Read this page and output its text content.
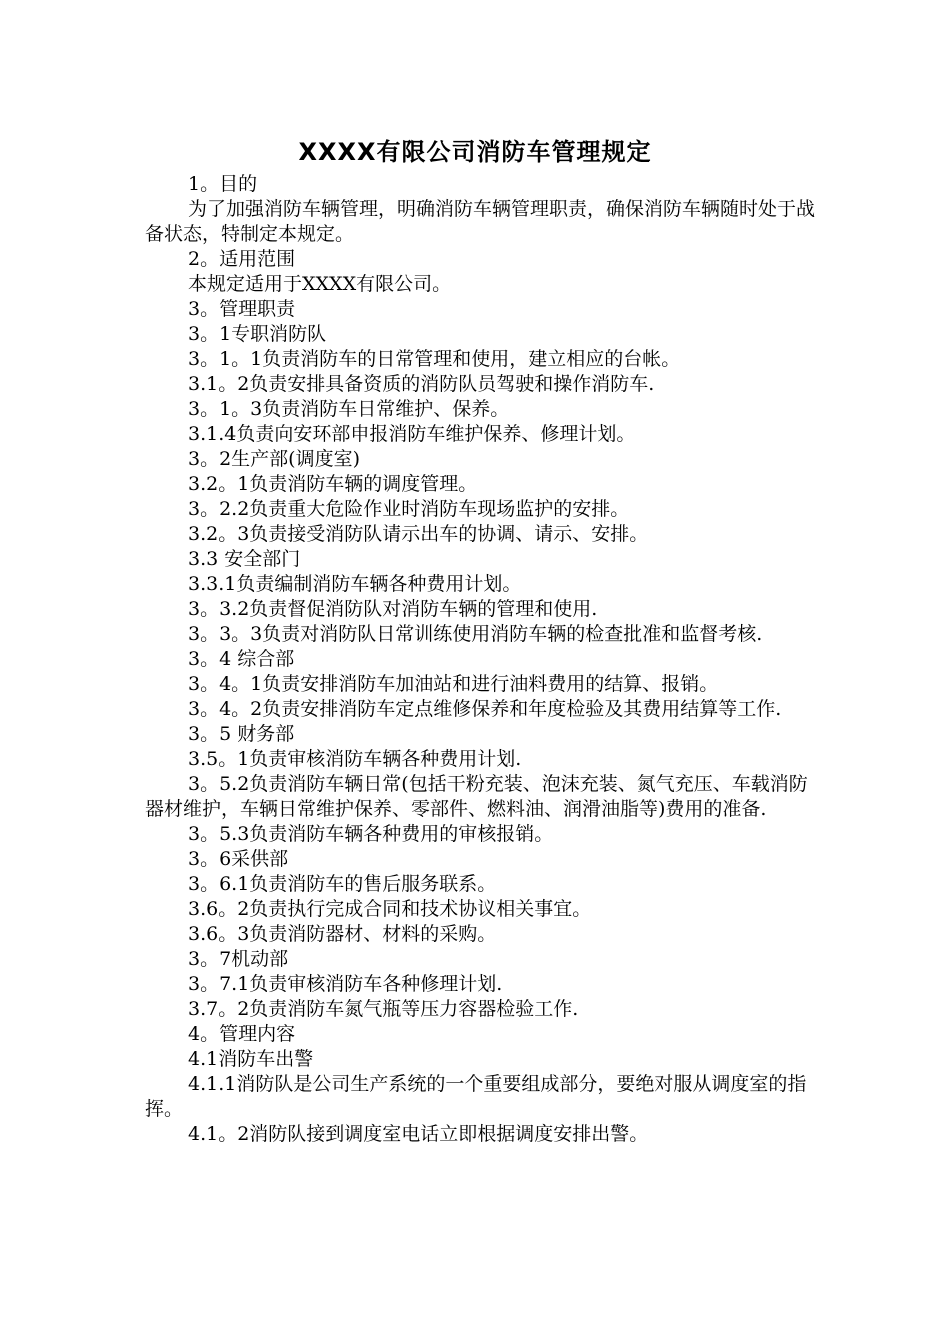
XXXX有限公司消防车管理规定

1。目的

为了加强消防车辆管理，明确消防车辆管理职责，确保消防车辆随时处于战备状态，特制定本规定。

2。适用范围

本规定适用于XXXX有限公司。

3。管理职责

3。1专职消防队

3。1。1负责消防车的日常管理和使用，建立相应的台帐。

3.1。2负责安排具备资质的消防队员驾驶和操作消防车.

3。1。3负责消防车日常维护、保养。

3.1.4负责向安环部申报消防车维护保养、修理计划。

3。2生产部(调度室)

3.2。1负责消防车辆的调度管理。

3。2.2负责重大危险作业时消防车现场监护的安排。

3.2。3负责接受消防队请示出车的协调、请示、安排。

3.3 安全部门

3.3.1负责编制消防车辆各种费用计划。

3。3.2负责督促消防队对消防车辆的管理和使用.

3。3。3负责对消防队日常训练使用消防车辆的检查批准和监督考核.

3。4 综合部

3。4。1负责安排消防车加油站和进行油料费用的结算、报销。

3。4。2负责安排消防车定点维修保养和年度检验及其费用结算等工作.

3。5 财务部

3.5。1负责审核消防车辆各种费用计划.

3。5.2负责消防车辆日常(包括干粉充装、泡沫充装、氮气充压、车载消防器材维护，车辆日常维护保养、零部件、燃料油、润滑油脂等)费用的准备.

3。5.3负责消防车辆各种费用的审核报销。

3。6采供部

3。6.1负责消防车的售后服务联系。

3.6。2负责执行完成合同和技术协议相关事宜。

3.6。3负责消防器材、材料的采购。

3。7机动部

3。7.1负责审核消防车各种修理计划.

3.7。2负责消防车氮气瓶等压力容器检验工作.

4。管理内容

4.1消防车出警

4.1.1消防队是公司生产系统的一个重要组成部分，要绝对服从调度室的指挥。

4.1。2消防队接到调度室电话立即根据调度安排出警。
